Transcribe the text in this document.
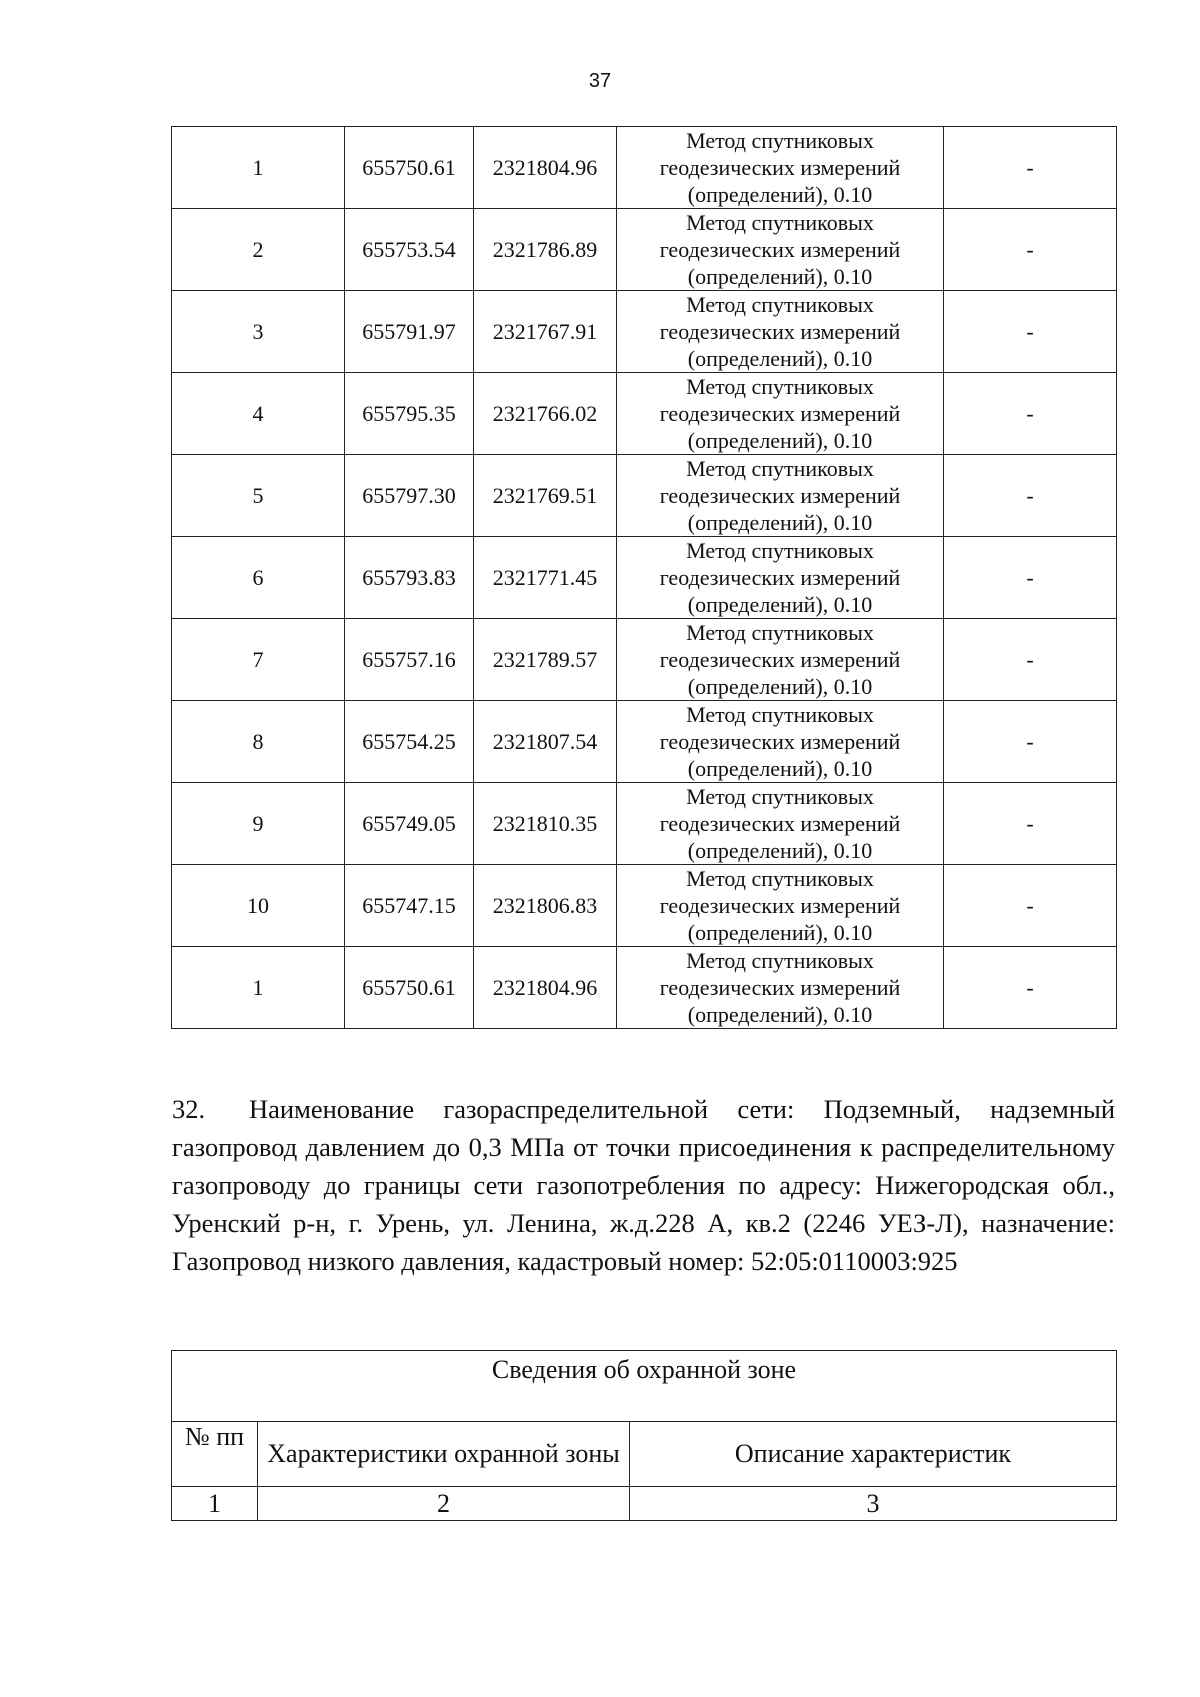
37
1	655750.61	2321804.96	Метод спутниковых
геодезических измерений
(определений), 0.10	-
2	655753.54	2321786.89	Метод спутниковых
геодезических измерений
(определений), 0.10	-
3	655791.97	2321767.91	Метод спутниковых
геодезических измерений
(определений), 0.10	-
4	655795.35	2321766.02	Метод спутниковых
геодезических измерений
(определений), 0.10	-
5	655797.30	2321769.51	Метод спутниковых
геодезических измерений
(определений), 0.10	-
6	655793.83	2321771.45	Метод спутниковых
геодезических измерений
(определений), 0.10	-
7	655757.16	2321789.57	Метод спутниковых
геодезических измерений
(определений), 0.10	-
8	655754.25	2321807.54	Метод спутниковых
геодезических измерений
(определений), 0.10	-
9	655749.05	2321810.35	Метод спутниковых
геодезических измерений
(определений), 0.10	-
10	655747.15	2321806.83	Метод спутниковых
геодезических измерений
(определений), 0.10	-
1	655750.61	2321804.96	Метод спутниковых
геодезических измерений
(определений), 0.10	-

32. Наименование газораспределительной сети: Подземный, надземный газопровод давлением до 0,3 МПа от точки присоединения к распределительному газопроводу до границы сети газопотребления по адресу: Нижегородская обл., Уренский р-н, г. Урень, ул. Ленина, ж.д.228 А, кв.2 (2246 УЕЗ-Л), назначение: Газопровод низкого давления, кадастровый номер: 52:05:0110003:925

Сведения об охранной зоне		
№ пп	Характеристики охранной зоны	Описание характеристик
1	2	3
